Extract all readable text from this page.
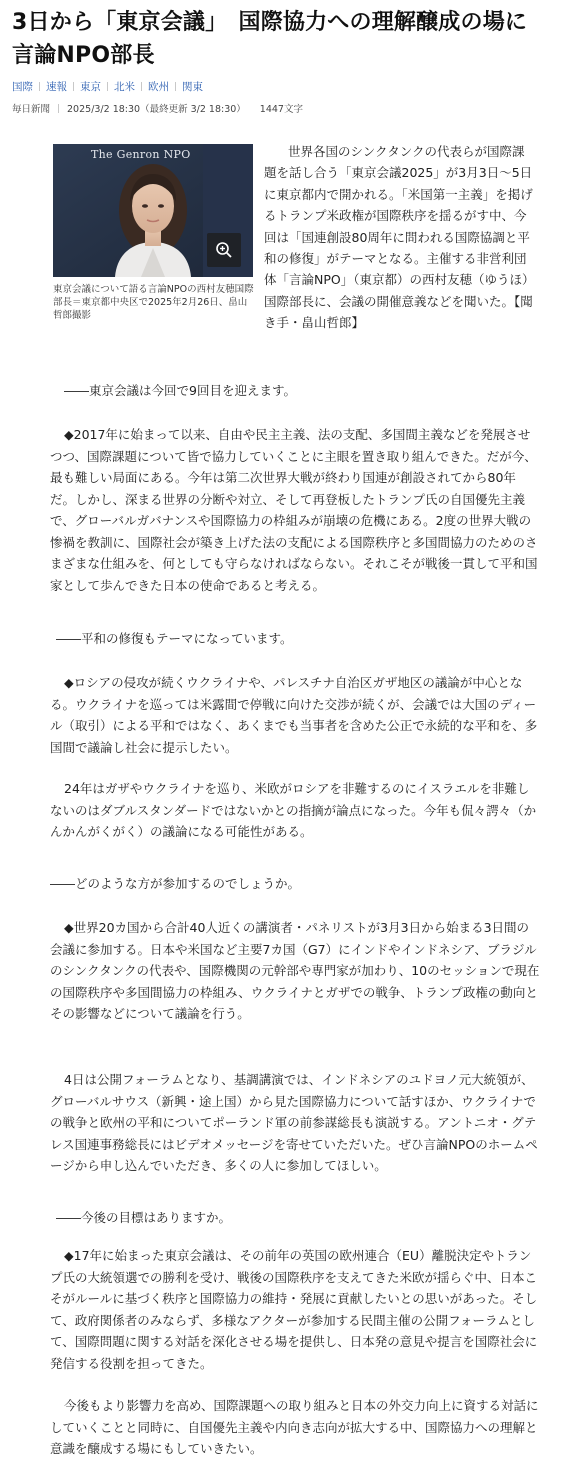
3日から「東京会議」　国際協力への理解醸成の場に　言論NPO部長
国際 速報 東京 北米 欧州 関東
毎日新聞 2025/3/2 18:30（最終更新 3/2 18:30） 1447文字
The Genron NPO
東京会議について語る言論NPOの西村友穂国際部長＝東京都中央区で2025年2月26日、畠山哲郎撮影
世界各国のシンクタンクの代表らが国際課題を話し合う「東京会議2025」が3月3日～5日に東京都内で開かれる。「米国第一主義」を掲げるトランプ米政権が国際秩序を揺るがす中、今回は「国連創設80周年に問われる国際協調と平和の修復」がテーマとなる。主催する非営利団体「言論NPO」（東京都）の西村友穂（ゆうほ）国際部長に、会議の開催意義などを聞いた。【聞き手・畠山哲郎】
――東京会議は今回で9回目を迎えます。
◆2017年に始まって以来、自由や民主主義、法の支配、多国間主義などを発展させつつ、国際課題について皆で協力していくことに主眼を置き取り組んできた。だが今、最も難しい局面にある。今年は第二次世界大戦が終わり国連が創設されてから80年だ。しかし、深まる世界の分断や対立、そして再登板したトランプ氏の自国優先主義で、グローバルガバナンスや国際協力の枠組みが崩壊の危機にある。2度の世界大戦の惨禍を教訓に、国際社会が築き上げた法の支配による国際秩序と多国間協力のためのさまざまな仕組みを、何としても守らなければならない。それこそが戦後一貫して平和国家として歩んできた日本の使命であると考える。
――平和の修復もテーマになっています。
◆ロシアの侵攻が続くウクライナや、パレスチナ自治区ガザ地区の議論が中心となる。ウクライナを巡っては米露間で停戦に向けた交渉が続くが、会議では大国のディール（取引）による平和ではなく、あくまでも当事者を含めた公正で永続的な平和を、多国間で議論し社会に提示したい。
24年はガザやウクライナを巡り、米欧がロシアを非難するのにイスラエルを非難しないのはダブルスタンダードではないかとの指摘が論点になった。今年も侃々諤々（かんかんがくがく）の議論になる可能性がある。
――どのような方が参加するのでしょうか。
◆世界20カ国から合計40人近くの講演者・パネリストが3月3日から始まる3日間の会議に参加する。日本や米国など主要7カ国（G7）にインドやインドネシア、ブラジルのシンクタンクの代表や、国際機関の元幹部や専門家が加わり、10のセッションで現在の国際秩序や多国間協力の枠組み、ウクライナとガザでの戦争、トランプ政権の動向とその影響などについて議論を行う。
4日は公開フォーラムとなり、基調講演では、インドネシアのユドヨノ元大統領が、グローバルサウス（新興・途上国）から見た国際協力について話すほか、ウクライナでの戦争と欧州の平和についてポーランド軍の前参謀総長も演説する。アントニオ・グテレス国連事務総長にはビデオメッセージを寄せていただいた。ぜひ言論NPOのホームページから申し込んでいただき、多くの人に参加してほしい。
――今後の目標はありますか。
◆17年に始まった東京会議は、その前年の英国の欧州連合（EU）離脱決定やトランプ氏の大統領選での勝利を受け、戦後の国際秩序を支えてきた米欧が揺らぐ中、日本こそがルールに基づく秩序と国際協力の維持・発展に貢献したいとの思いがあった。そして、政府関係者のみならず、多様なアクターが参加する民間主催の公開フォーラムとして、国際問題に関する対話を深化させる場を提供し、日本発の意見や提言を国際社会に発信する役割を担ってきた。
今後もより影響力を高め、国際課題への取り組みと日本の外交力向上に資する対話にしていくことと同時に、自国優先主義や内向き志向が拡大する中、国際協力への理解と意識を醸成する場にもしていきたい。
